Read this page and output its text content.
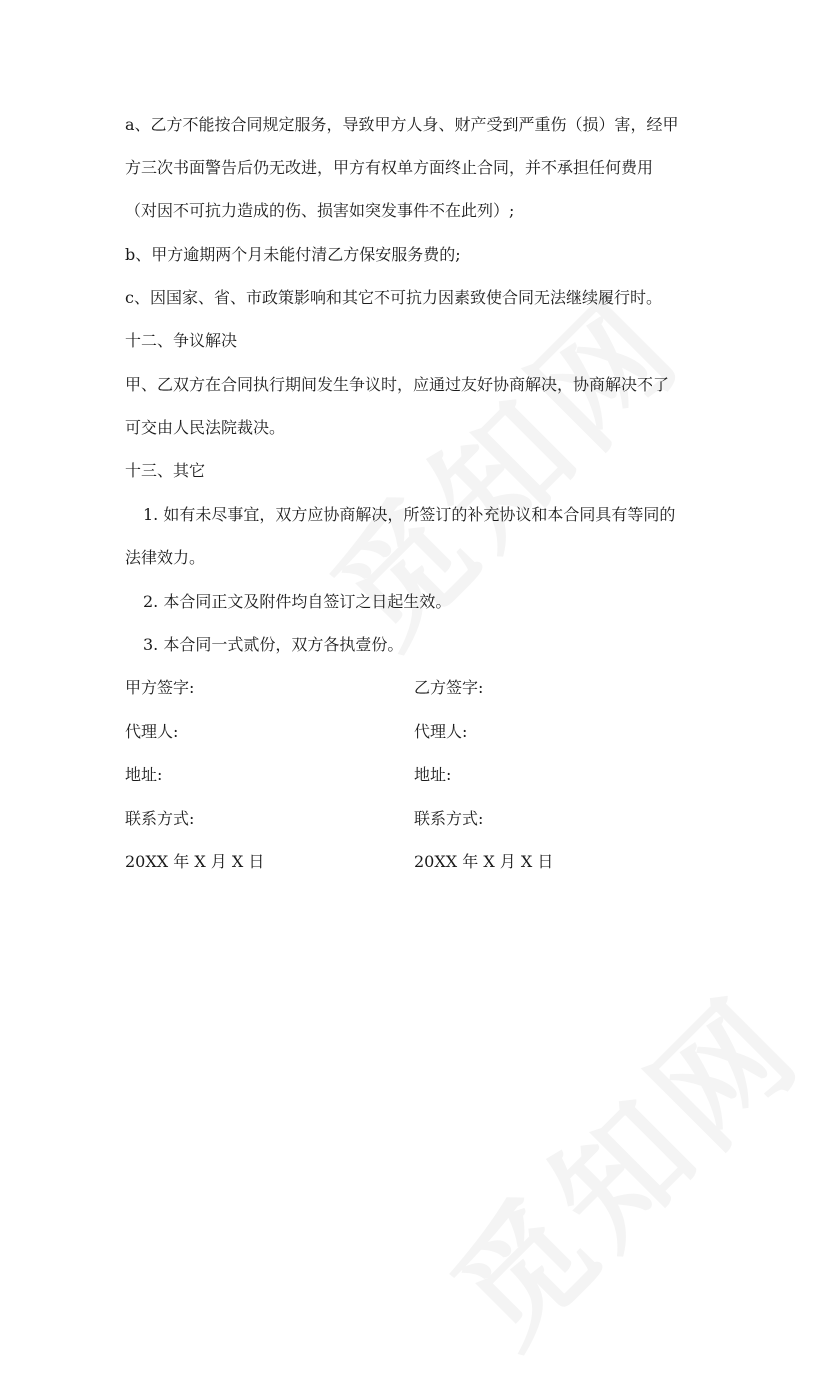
a、乙方不能按合同规定服务，导致甲方人身、财产受到严重伤（损）害，经甲
方三次书面警告后仍无改进，甲方有权单方面终止合同，并不承担任何费用
（对因不可抗力造成的伤、损害如突发事件不在此列）;
b、甲方逾期两个月未能付清乙方保安服务费的;
c、因国家、省、市政策影响和其它不可抗力因素致使合同无法继续履行时。
十二、争议解决
甲、乙双方在合同执行期间发生争议时，应通过友好协商解决，协商解决不了
可交由人民法院裁决。
十三、其它
1. 如有未尽事宜，双方应协商解决，所签订的补充协议和本合同具有等同的
法律效力。
2. 本合同正文及附件均自签订之日起生效。
3. 本合同一式贰份，双方各执壹份。
甲方签字:
代理人:
地址:
联系方式:
20XX 年 X 月 X 日
乙方签字:
代理人:
地址:
联系方式:
20XX 年 X 月 X 日
